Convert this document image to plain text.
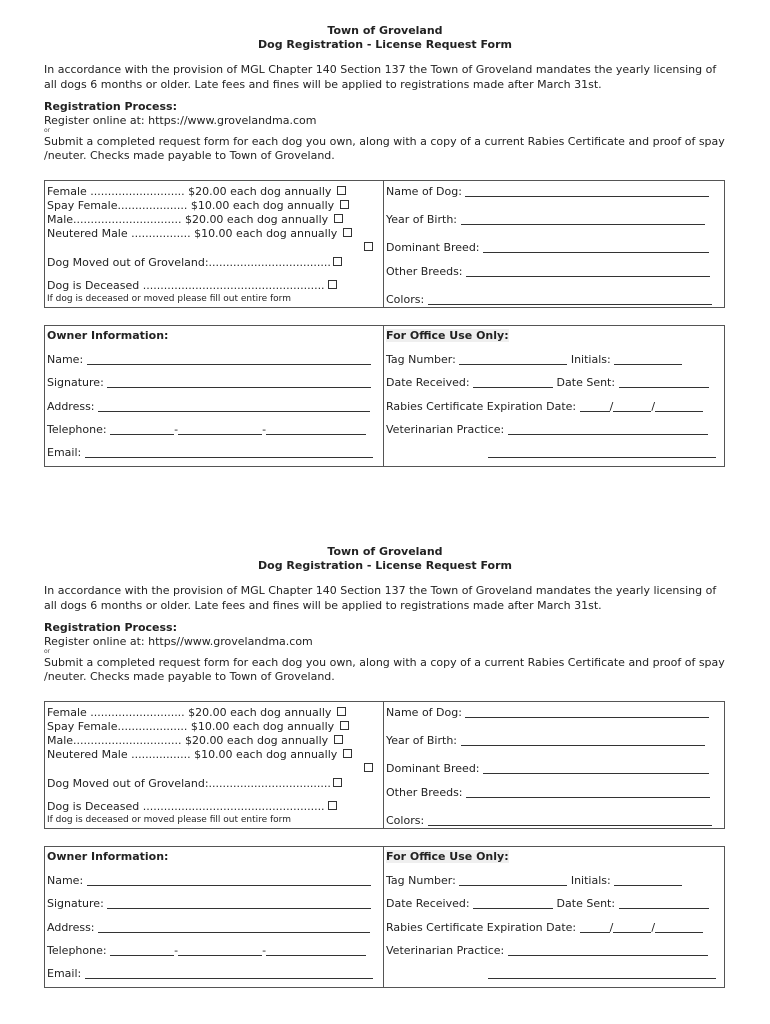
Town of Groveland
Dog Registration - License Request Form
In accordance with the provision of MGL Chapter 140 Section 137 the Town of Groveland mandates the yearly licensing of all dogs 6 months or older. Late fees and fines will be applied to registrations made after March 31st.
Registration Process:
Register online at: https://www.grovelandma.com
or
Submit a completed request form for each dog you own, along with a copy of a current Rabies Certificate and proof of spay /neuter. Checks made payable to Town of Groveland.
Female ........................... $20.00 each dog annually
Spay Female.................... $10.00 each dog annually
Male............................... $20.00 each dog annually
Neutered Male ................. $10.00 each dog annually
Dog Moved out of Groveland:...................................
Dog is Deceased ....................................................
If dog is deceased or moved please fill out entire form
Name of Dog:
Year of Birth:
Dominant Breed:
Other Breeds:
Colors:
Owner Information:
Name:
Signature:
Address:
Telephone:	-	-
Email:
For Office Use Only:
Tag Number:	Initials:
Date Received:	Date Sent:
Rabies Certificate Expiration Date:	/	/
Veterinarian Practice:
Town of Groveland
Dog Registration - License Request Form
In accordance with the provision of MGL Chapter 140 Section 137 the Town of Groveland mandates the yearly licensing of all dogs 6 months or older. Late fees and fines will be applied to registrations made after March 31st.
Registration Process:
Register online at: https//www.grovelandma.com
or
Submit a completed request form for each dog you own, along with a copy of a current Rabies Certificate and proof of spay /neuter. Checks made payable to Town of Groveland.
Female ........................... $20.00 each dog annually
Spay Female.................... $10.00 each dog annually
Male............................... $20.00 each dog annually
Neutered Male ................. $10.00 each dog annually
Dog Moved out of Groveland:...................................
Dog is Deceased ....................................................
If dog is deceased or moved please fill out entire form
Name of Dog:
Year of Birth:
Dominant Breed:
Other Breeds:
Colors:
Owner Information:
Name:
Signature:
Address:
Telephone:	-	-
Email:
For Office Use Only:
Tag Number:	Initials:
Date Received:	Date Sent:
Rabies Certificate Expiration Date:	/	/
Veterinarian Practice:
